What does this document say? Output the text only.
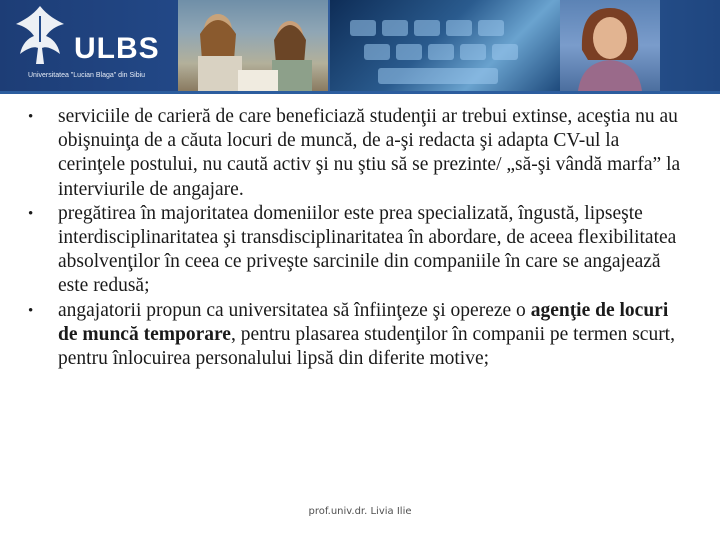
ULBS
Universitatea "Lucian Blaga" din Sibiu

• serviciile de carieră de care beneficiază studenţii ar trebui extinse, aceştia nu au obişnuinţa de a căuta locuri de muncă, de a-şi redacta şi adapta CV-ul la cerinţele postului, nu caută activ şi nu ştiu să se prezinte/ „să-şi vândă marfa” la interviurile de angajare.

• pregătirea în majoritatea domeniilor este prea specializată, îngustă, lipseşte interdisciplinaritatea şi transdisciplinaritatea în abordare, de aceea flexibilitatea absolvenţilor în ceea ce priveşte sarcinile din companiile în care se angajează este redusă;

• angajatorii propun ca universitatea să înfiinţeze şi opereze o agenţie de locuri de muncă temporare, pentru plasarea studenţilor în companii pe termen scurt, pentru înlocuirea personalului lipsă din diferite motive;

prof.univ.dr. Livia Ilie
